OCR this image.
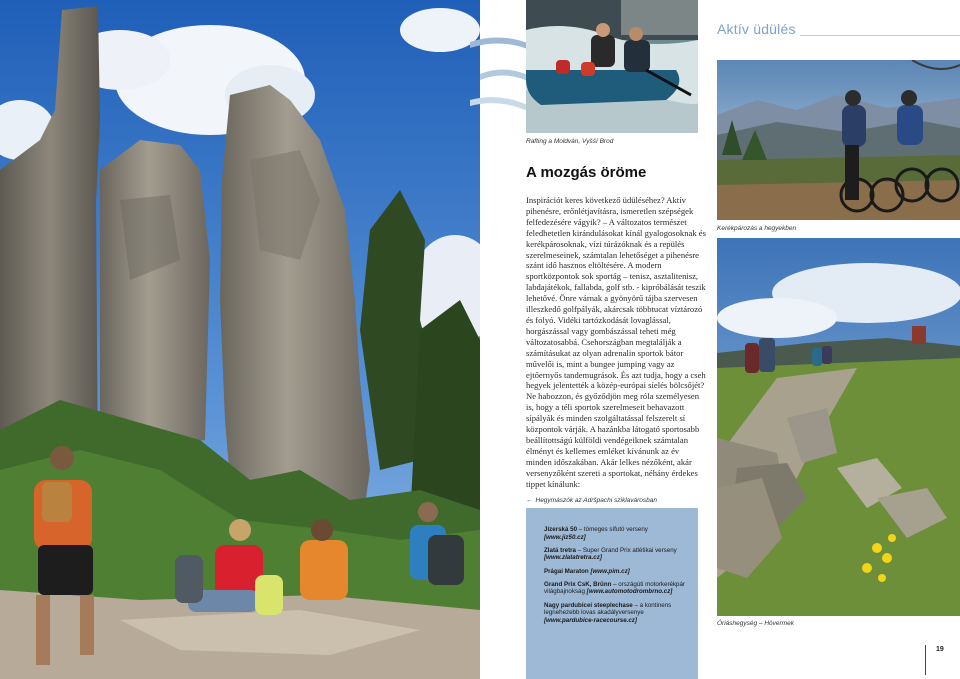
Rafting a Moldván, Vyšší Brod
A mozgás öröme

Inspirációt keres következő üdüléséhez? Aktív pihenésre, erőnlétjavításra, ismeretlen szépségek felfedezésére vágyik? – A változatos természet feledhetetlen kirándulásokat kínál gyalogosoknak és kerékpárosoknak, vízi túrázóknak és a repülés szerelmeseinek, számtalan lehetőséget a pihenésre szánt idő hasznos eltöltésére. A modern sportközpontok sok sportág – tenisz, asztalitenisz, labdajátékok, fallabda, golf stb. - kipróbálását teszik lehetővé. Önre várnak a gyönyörű tájba szervesen illeszkedő golfpályák, akárcsak többtucat víztározó és folyó. Vidéki tartózkodását lovaglással, horgászással vagy gombászással teheti még változatosabbá. Csehországban megtalálják a számításukat az olyan adrenalin sportok bátor művelői is, mint a bungee jumping vagy az ejtőernyős tandemugrások. És azt tudja, hogy a cseh hegyek jelentették a közép-európai síelés bölcsőjét? Ne habozzon, és győződjön meg róla személyesen is, hogy a téli sportok szerelmeseit behavazott sípályák és minden szolgáltatással felszerelt sí központok várják. A hazánkba látogató sportosabb beállítottságú külföldi vendégeiknek számtalan élményt és kellemes emléket kívánunk az év minden időszakában. Akár lelkes nézőként, akár versenyzőként szereti a sportokat, néhány érdekes tippet kínálunk:

← Hegymászók az Adršpachi sziklavárosban
Jizerská 50 – tömeges sífutó verseny [www.jiz50.cz]
Zlatá tretra – Super Grand Prix atlétikai verseny [www.zlatatretra.cz]
Prágai Maraton [www.pim.cz]
Grand Prix CsK, Brünn – országúti motorkerékpár világbajnokság [www.automotodrombrno.cz]
Nagy pardubicei steeplechase – a kontinens legnehezebb lovas akadályversenye [www.pardubice-racecourse.cz]
Aktív üdülés
Kerékpározás a hegyekben
Óriáshegység – Hóvermek
19
